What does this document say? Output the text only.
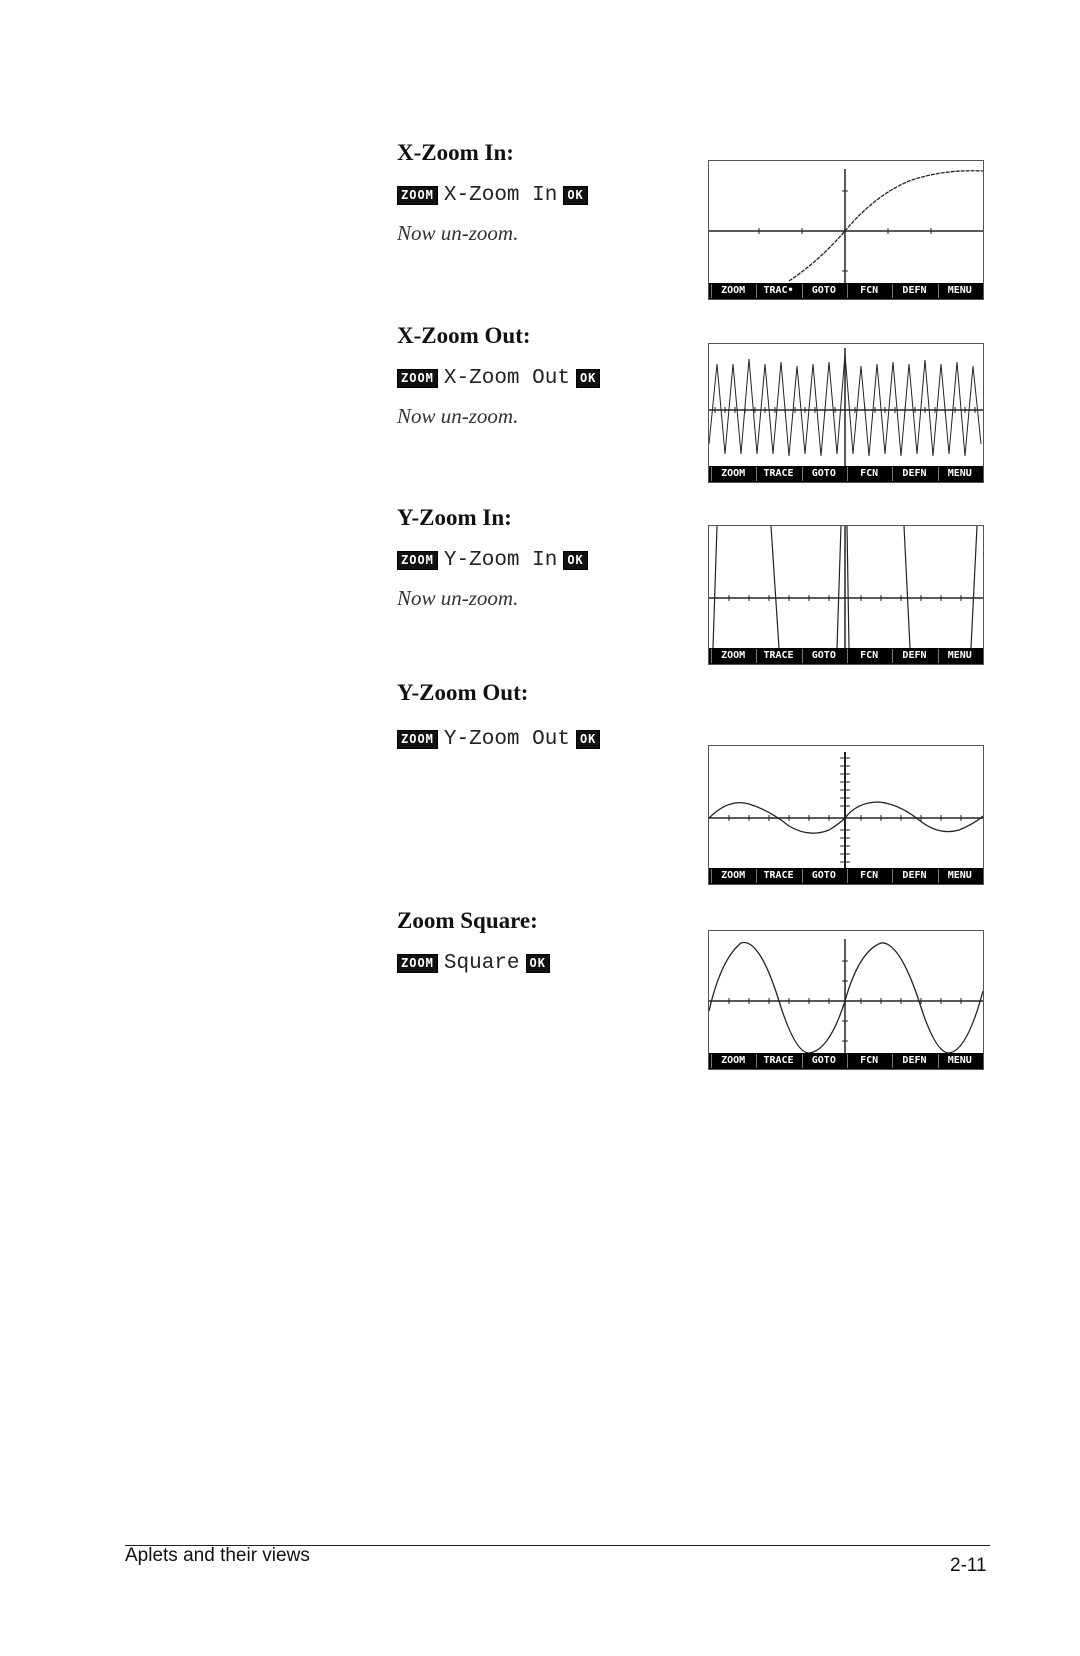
X-Zoom In:
ZOOM X-Zoom In OK
Now un-zoom.
X-Zoom Out:
ZOOM X-Zoom Out OK
Now un-zoom.
Y-Zoom In:
ZOOM Y-Zoom In OK
Now un-zoom.
Y-Zoom Out:
ZOOM Y-Zoom Out OK
Zoom Square:
ZOOM Square OK
ZOOM	TRAC•	GOTO	FCN	DEFN	MENU
ZOOM	TRACE	GOTO	FCN	DEFN	MENU
ZOOM	TRACE	GOTO	FCN	DEFN	MENU
ZOOM	TRACE	GOTO	FCN	DEFN	MENU
ZOOM	TRACE	GOTO	FCN	DEFN	MENU
Aplets and their views	2-11
